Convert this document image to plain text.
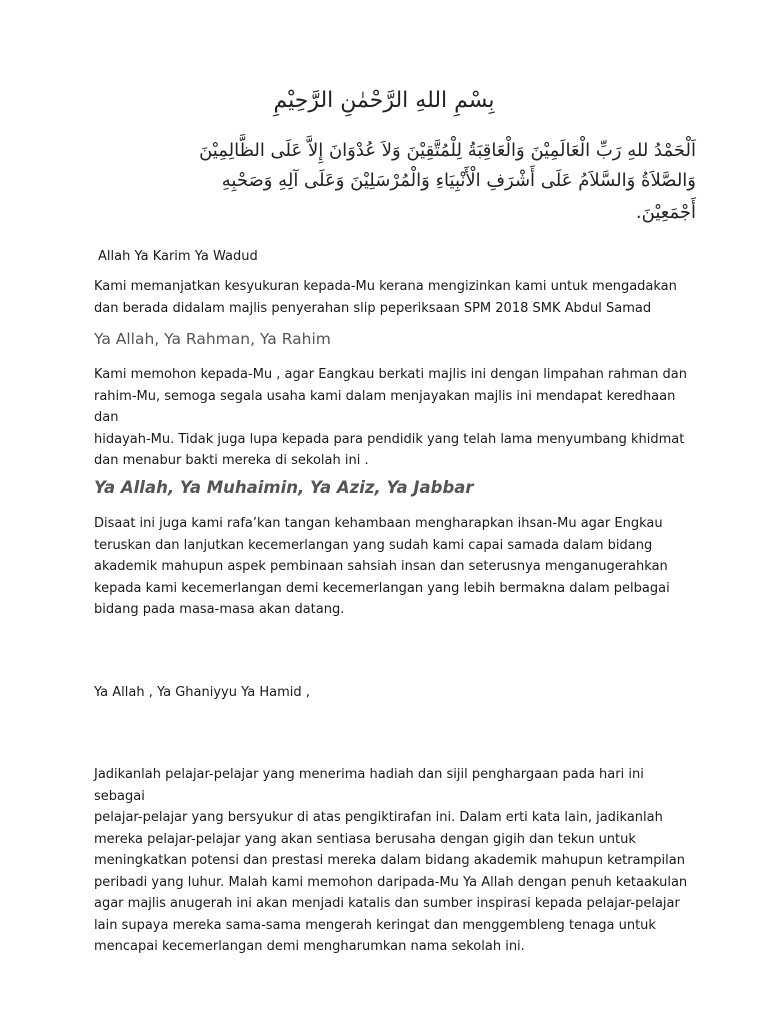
بِسْمِ اللهِ الرَّحْمٰنِ الرَّحِيْمِ
اَلْحَمْدُ للهِ رَبِّ الْعَالَمِيْنَ وَالْعَاقِبَةُ لِلْمُتَّقِيْنَ وَلاَ عُدْوَانَ إِلاَّ عَلَى الظَّالِمِيْنَ
وَالصَّلاَةُ وَالسَّلاَمُ عَلَى أَشْرَفِ الْأَنْبِيَاءِ وَالْمُرْسَلِيْنَ وَعَلَى آلِهِ وَصَحْبِهِ
أَجْمَعِيْنَ.

Allah Ya Karim Ya Wadud

Kami memanjatkan kesyukuran kepada-Mu kerana mengizinkan kami untuk mengadakan
dan berada didalam majlis penyerahan slip peperiksaan SPM 2018 SMK Abdul Samad

Ya Allah, Ya Rahman, Ya Rahim

Kami memohon kepada-Mu , agar Eangkau berkati majlis ini dengan limpahan rahman dan
rahim-Mu, semoga segala usaha kami dalam menjayakan majlis ini mendapat keredhaan dan
hidayah-Mu. Tidak juga lupa kepada para pendidik yang telah lama menyumbang khidmat
dan menabur bakti mereka di sekolah ini .

Ya Allah, Ya Muhaimin, Ya Aziz, Ya Jabbar

Disaat ini juga kami rafa’kan tangan kehambaan mengharapkan ihsan-Mu agar Engkau
teruskan dan lanjutkan kecemerlangan yang sudah kami capai samada dalam bidang
akademik mahupun aspek pembinaan sahsiah insan dan seterusnya menganugerahkan
kepada kami kecemerlangan demi kecemerlangan yang lebih bermakna dalam pelbagai
bidang pada masa-masa akan datang.

Ya Allah , Ya Ghaniyyu Ya Hamid ,

Jadikanlah pelajar-pelajar yang menerima hadiah dan sijil penghargaan pada hari ini sebagai
pelajar-pelajar yang bersyukur di atas pengiktirafan ini. Dalam erti kata lain, jadikanlah
mereka pelajar-pelajar yang akan sentiasa berusaha dengan gigih dan tekun untuk
meningkatkan potensi dan prestasi mereka dalam bidang akademik mahupun ketrampilan
peribadi yang luhur. Malah kami memohon daripada-Mu Ya Allah dengan penuh ketaakulan
agar majlis anugerah ini akan menjadi katalis dan sumber inspirasi kepada pelajar-pelajar
lain supaya mereka sama-sama mengerah keringat dan menggembleng tenaga untuk
mencapai kecemerlangan demi mengharumkan nama sekolah ini.
